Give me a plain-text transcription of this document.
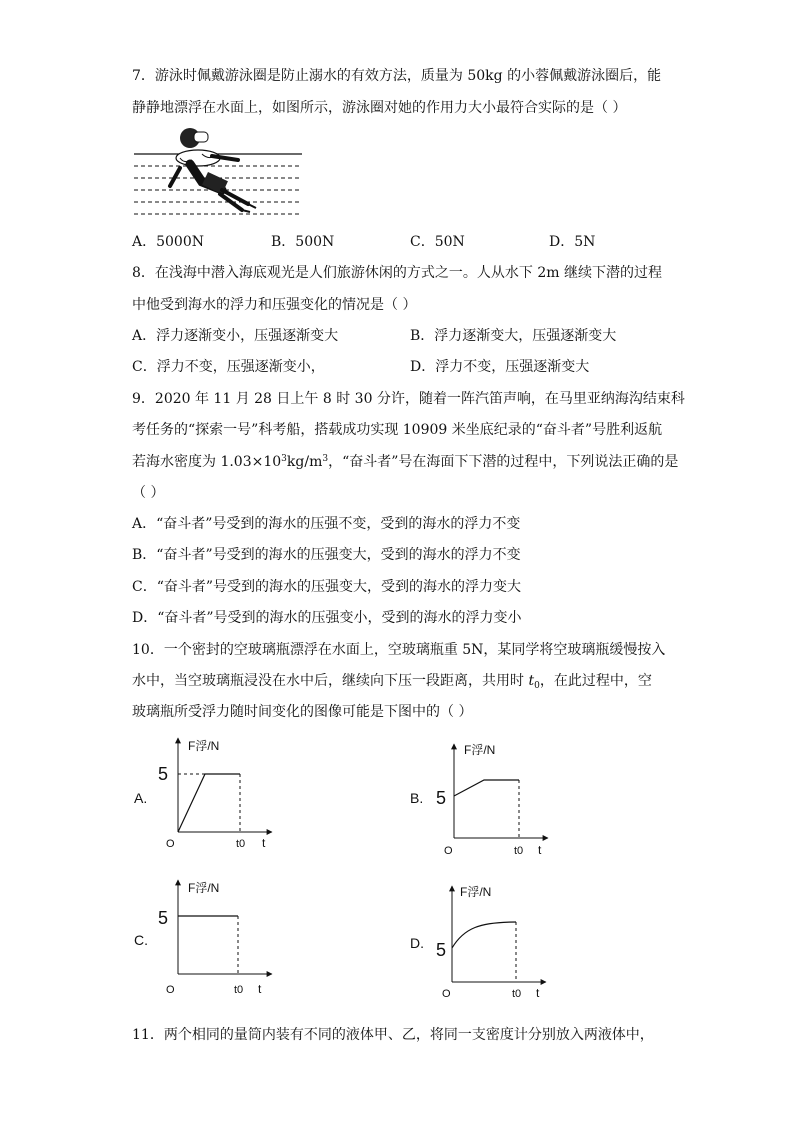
7．游泳时佩戴游泳圈是防止溺水的有效方法，质量为 50kg 的小蓉佩戴游泳圈后，能
静静地漂浮在水面上，如图所示，游泳圈对她的作用力大小最符合实际的是（ ）
A．5000N	B．500N	C．50N	D．5N
8．在浅海中潜入海底观光是人们旅游休闲的方式之一。人从水下 2m 继续下潜的过程
中他受到海水的浮力和压强变化的情况是（ ）
A．浮力逐渐变小，压强逐渐变大	B．浮力逐渐变大，压强逐渐变大
C．浮力不变，压强逐渐变小，	D．浮力不变，压强逐渐变大
9．2020 年 11 月 28 日上午 8 时 30 分许，随着一阵汽笛声响，在马里亚纳海沟结束科
考任务的“探索一号”科考船，搭载成功实现 10909 米坐底纪录的“奋斗者”号胜利返航
若海水密度为 $1.03\times 10^3kg/m^3$，“奋斗者”号在海面下下潜的过程中，下列说法正确的是
（ ）
A．“奋斗者”号受到的海水的压强不变，受到的海水的浮力不变
B．“奋斗者”号受到的海水的压强变大，受到的海水的浮力不变
C．“奋斗者”号受到的海水的压强变大，受到的海水的浮力变大
D．“奋斗者”号受到的海水的压强变小，受到的海水的浮力变小
10．一个密封的空玻璃瓶漂浮在水面上，空玻璃瓶重 5N，某同学将空玻璃瓶缓慢按入
水中，当空玻璃瓶浸没在水中后，继续向下压一段距离，共用时 $t_0$，在此过程中，空
玻璃瓶所受浮力随时间变化的图像可能是下图中的（ ）
A.
F浮/N
5
O	t0 t
B.
F浮/N
5
O	t0 t
C.
F浮/N
5
O	t0 t
D.
F浮/N
5
O	t0 t
11．两个相同的量筒内装有不同的液体甲、乙，将同一支密度计分别放入两液体中，
